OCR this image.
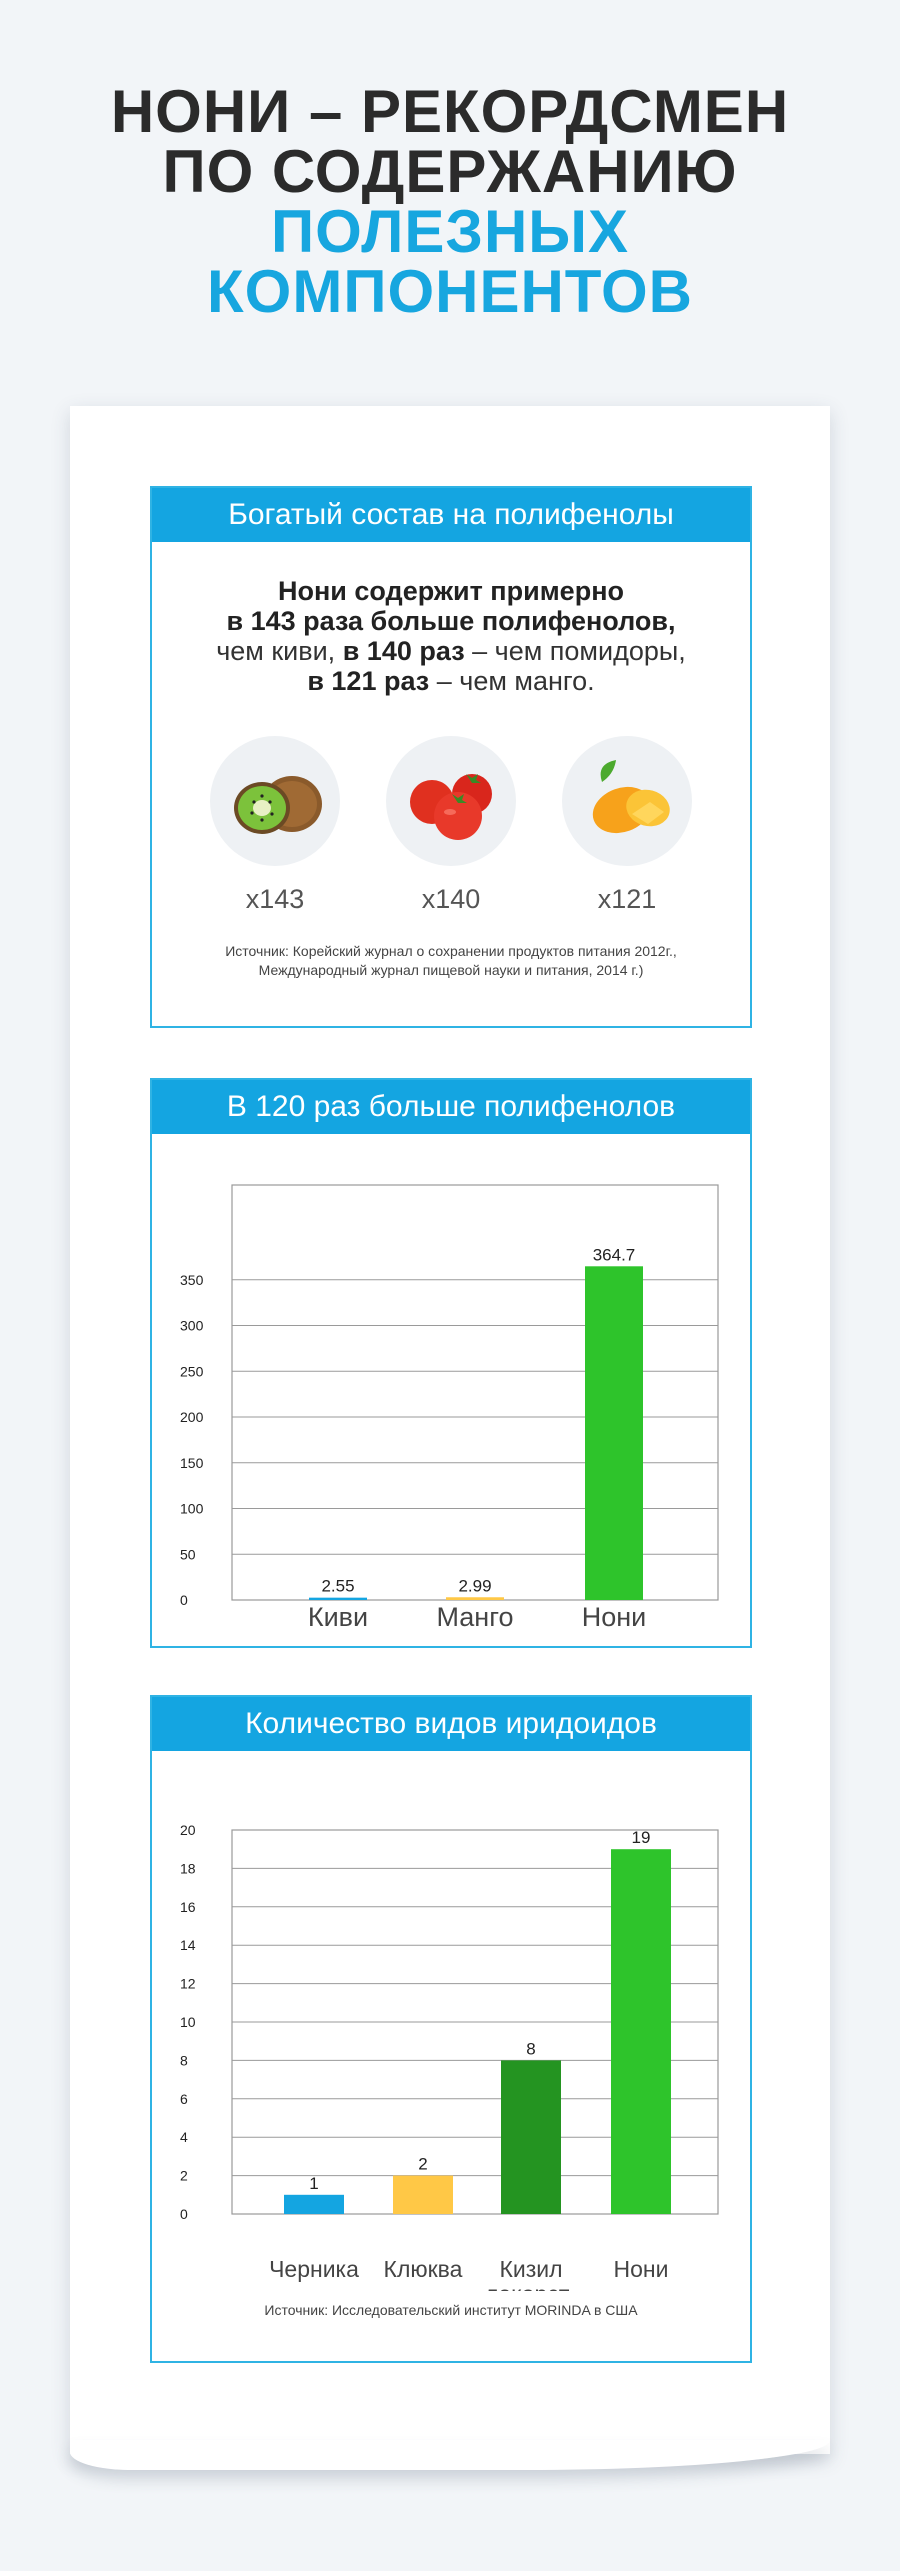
НОНИ – РЕКОРДСМЕН
ПО СОДЕРЖАНИЮ
ПОЛЕЗНЫХ
КОМПОНЕНТОВ
Богатый состав на полифенолы
Нони содержит примерно
в 143 раза больше полифенолов,
чем киви, в 140 раз – чем помидоры,
в 121 раз – чем манго.
x143	x140	x121
Источник: Корейский журнал о сохранении продуктов питания 2012г.,
Международный журнал пищевой науки и питания, 2014 г.)
В 120 раз больше полифенолов
0
50
100
150
200
250
300
350
2.55
Киви
2.99
Манго
364.7
Нони
Количество видов иридоидов
0
2
4
6
8
10
12
14
16
18
20
1
Черника
2
Клюква
8
Кизил
19
Нони
Источник: Исследовательский институт MORINDA в США
